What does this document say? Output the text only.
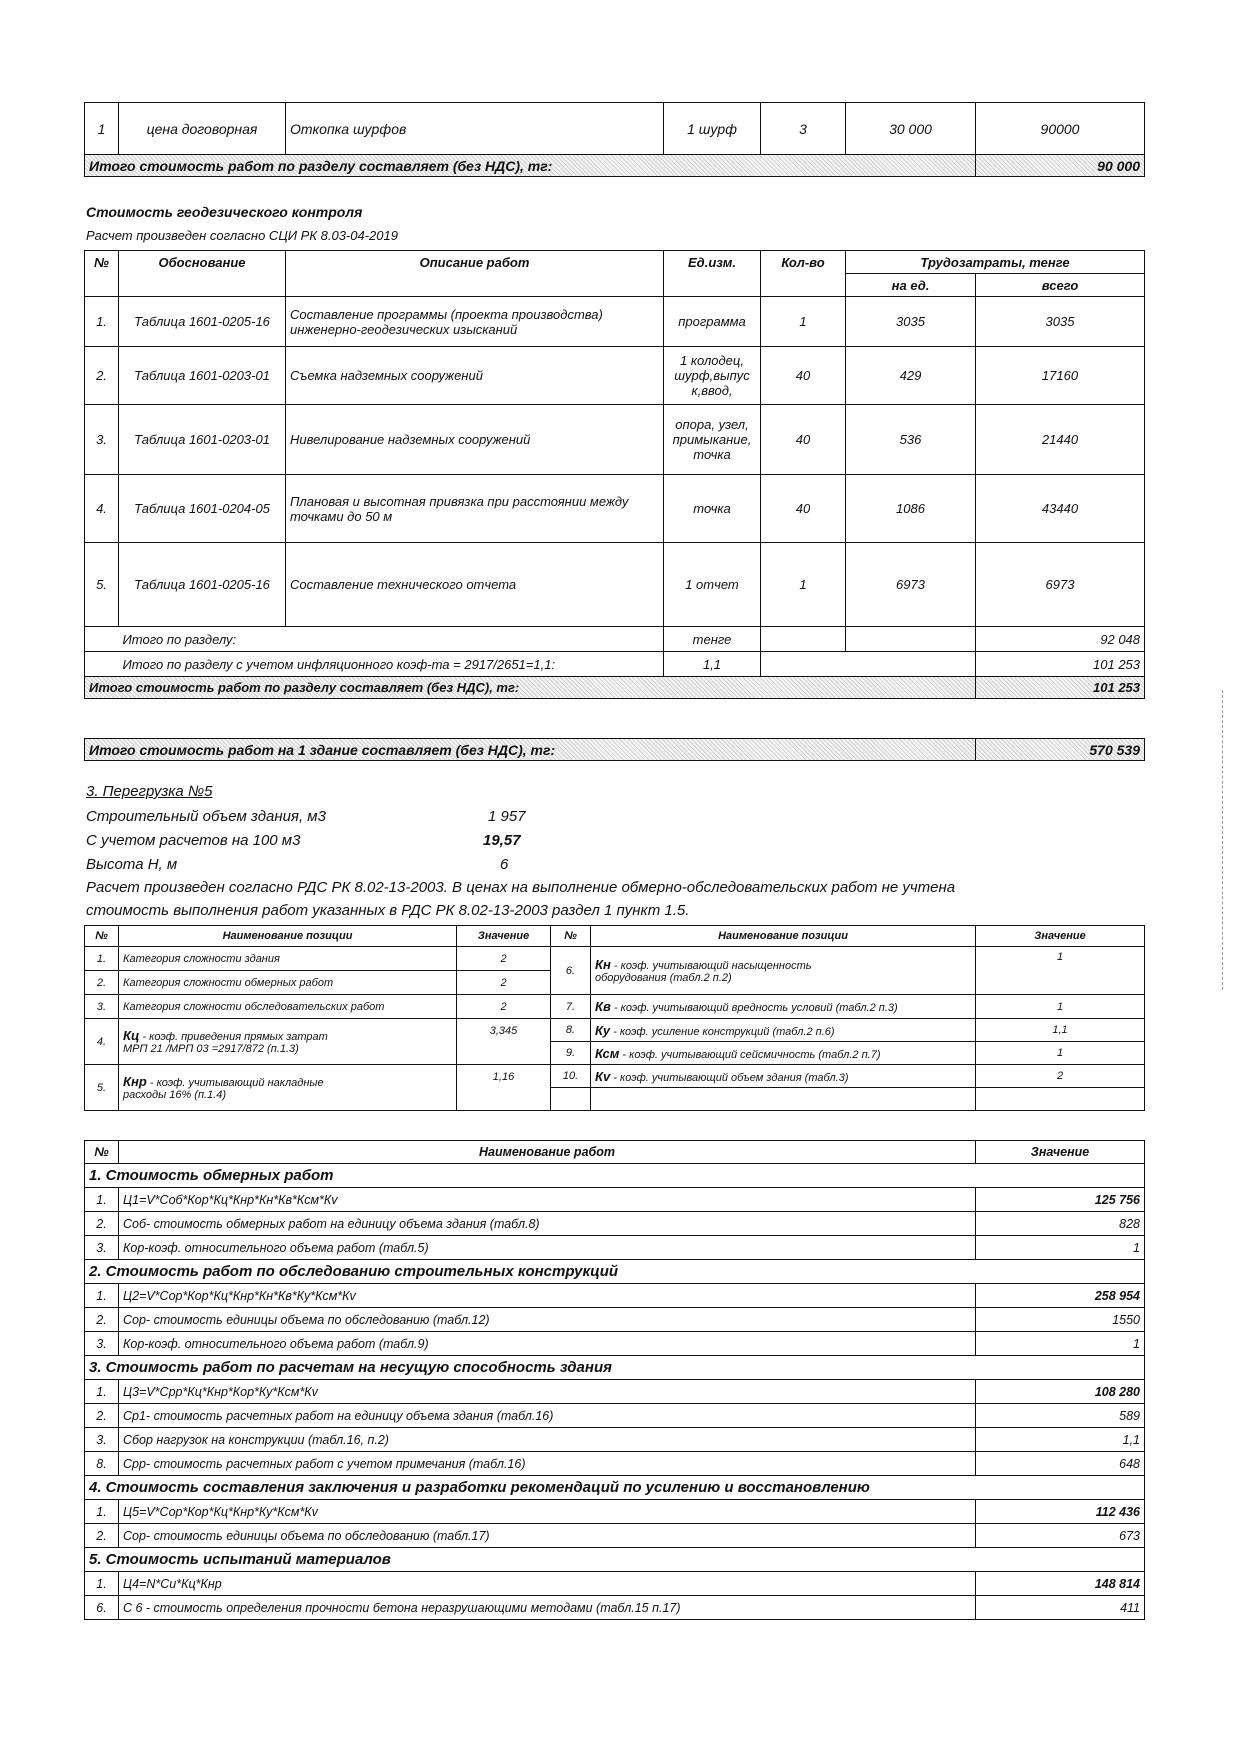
1	цена договорная	Откопка шурфов	1 шурф	3	30 000	90000
Итого стоимость работ по разделу составляет (без НДС), тг:						90 000
Стоимость геодезического контроля
Расчет произведен согласно СЦИ РК 8.03-04-2019
№	Обоснование	Описание работ	Ед.изм.	Кол-во	Трудозатраты, тенге	
					на ед.	всего
1.	Таблица 1601-0205-16	Составление программы (проекта производства) инженерно-геодезических изысканий	программа	1	3035	3035
2.	Таблица 1601-0203-01	Съемка надземных сооружений	1 колодец, шурф,выпус к,ввод,	40	429	17160
3.	Таблица 1601-0203-01	Нивелирование надземных сооружений	опора, узел, примыкание, точка	40	536	21440
4.	Таблица 1601-0204-05	Плановая и высотная привязка при расстоянии между точками до 50 м	точка	40	1086	43440
5.	Таблица 1601-0205-16	Составление технического отчета	1 отчет	1	6973	6973
	Итого по разделу:		тенге			92 048
	Итого по разделу с учетом инфляционного коэф-та = 2917/2651=1,1:		1,1			101 253
Итого стоимость работ по разделу составляет (без НДС), тг:						101 253
Итого стоимость работ на 1 здание составляет (без НДС), тг:	570 539
3. Перегрузка №5
Строительный объем здания, м3	1 957
С учетом расчетов на 100 м3	19,57
Высота Н, м	6
Расчет произведен согласно РДС РК 8.02-13-2003. В ценах на выполнение обмерно-обследовательских работ не учтена
стоимость выполнения работ указанных в РДС РК 8.02-13-2003 раздел 1 пункт 1.5.
№	Наименование позиции	Значение	№	Наименование позиции	Значение
1.	Категория сложности здания	2	6.	Кн - коэф. учитывающий насыщенность
оборудования (табл.2 п.2)	1
2.	Категория сложности обмерных работ	2			
3.	Категория сложности обследовательских работ	2	7.	Кв - коэф. учитывающий вредность условий (табл.2 п.3)	1
4.	Кц - коэф. приведения прямых затрат
МРП 21 /МРП 03 =2917/872 (п.1.3)	3,345	8.	Ку - коэф. усиление конструкций (табл.2 п.6)	1,1
			9.	Ксм - коэф. учитывающий сейсмичность (табл.2 п.7)	1
5.	Кнр - коэф. учитывающий накладные
расходы 16% (п.1.4)	1,16	10.	Кv - коэф. учитывающий объем здания (табл.3)	2

№	Наименование работ	Значение
1. Стоимость обмерных работ		
1.	Ц1=V*Cоб*Кор*Кц*Кнр*Кн*Кв*Ксм*Кv	125 756
2.	Соб- стоимость обмерных работ на единицу объема здания (табл.8)	828
3.	Кор-коэф. относительного объема работ (табл.5)	1
2. Стоимость работ по обследованию строительных конструкций		
1.	Ц2=V*Cор*Кор*Кц*Кнр*Кн*Кв*Ку*Ксм*Кv	258 954
2.	Сор- стоимость единицы объема по обследованию (табл.12)	1550
3.	Кор-коэф. относительного объема работ (табл.9)	1
3. Стоимость работ по расчетам на несущую способность здания		
1.	Ц3=V*Cрр*Кц*Кнр*Кор*Ку*Ксм*Кv	108 280
2.	Ср1- стоимость расчетных работ на единицу объема здания (табл.16)	589
3.	Сбор нагрузок на конструкции (табл.16, п.2)	1,1
8.	Срр- стоимость расчетных работ с учетом примечания (табл.16)	648
4. Стоимость составления заключения и разработки рекомендаций по усилению и восстановлению		
1.	Ц5=V*Cор*Кор*Кц*Кнр*Ку*Ксм*Кv	112 436
2.	Сор- стоимость единицы объема по обследованию (табл.17)	673
5. Стоимость испытаний материалов		
1.	Ц4=N*Cи*Кц*Кнр	148 814
6.	С 6 - стоимость определения прочности бетона неразрушающими методами (табл.15 п.17)	411
